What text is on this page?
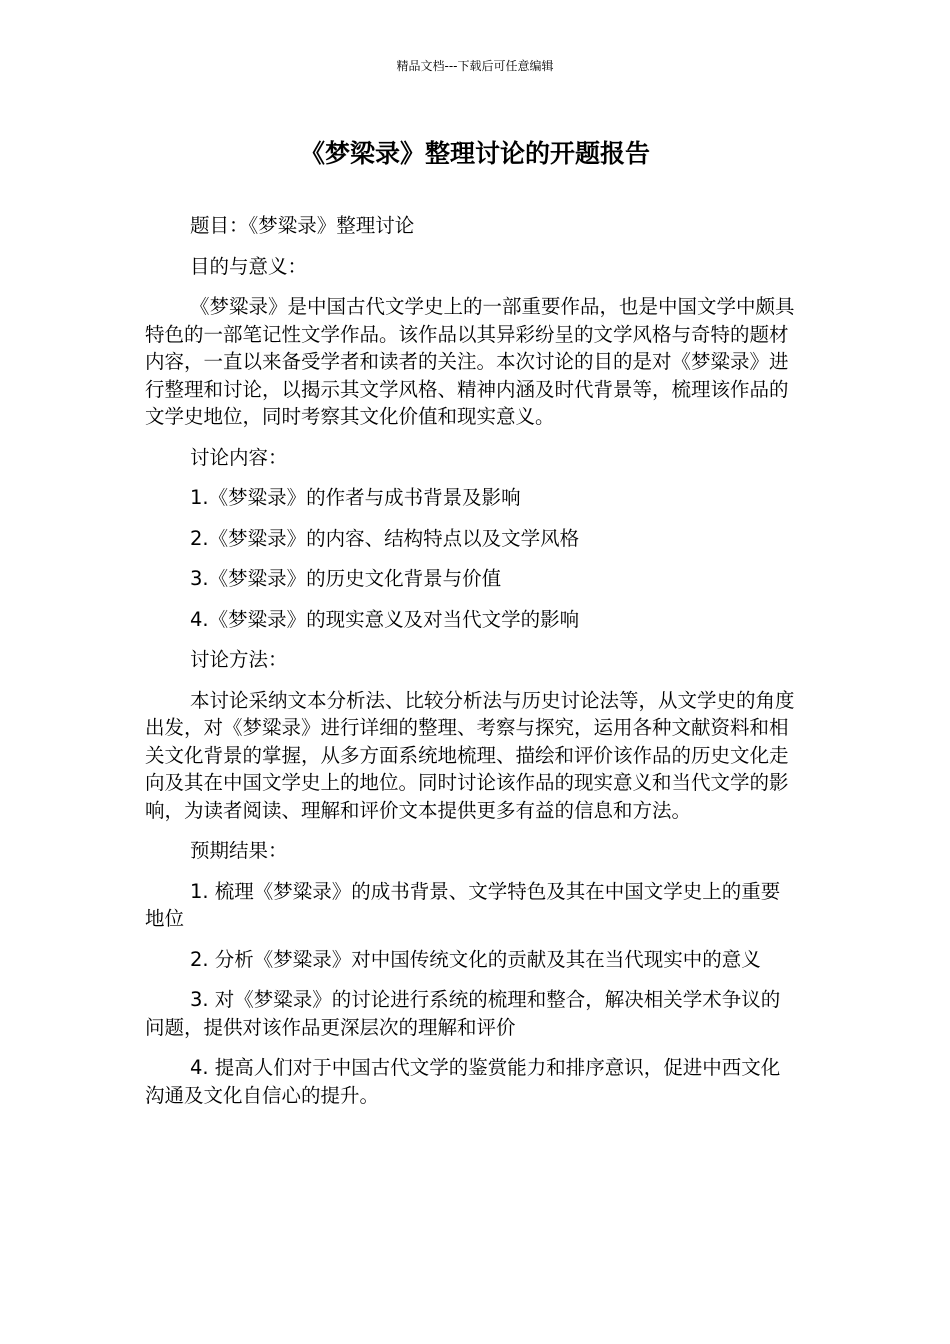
精品文档---下载后可任意编辑
《梦梁录》整理讨论的开题报告

题目：《梦粱录》整理讨论

目的与意义：

《梦粱录》是中国古代文学史上的一部重要作品，也是中国文学中颇具特色的一部笔记性文学作品。该作品以其异彩纷呈的文学风格与奇特的题材内容，一直以来备受学者和读者的关注。本次讨论的目的是对《梦粱录》进行整理和讨论，以揭示其文学风格、精神内涵及时代背景等，梳理该作品的文学史地位，同时考察其文化价值和现实意义。

讨论内容：

1.《梦粱录》的作者与成书背景及影响

2.《梦粱录》的内容、结构特点以及文学风格

3.《梦粱录》的历史文化背景与价值

4.《梦粱录》的现实意义及对当代文学的影响

讨论方法：

本讨论采纳文本分析法、比较分析法与历史讨论法等，从文学史的角度出发，对《梦粱录》进行详细的整理、考察与探究，运用各种文献资料和相关文化背景的掌握，从多方面系统地梳理、描绘和评价该作品的历史文化走向及其在中国文学史上的地位。同时讨论该作品的现实意义和当代文学的影响，为读者阅读、理解和评价文本提供更多有益的信息和方法。

预期结果：

1. 梳理《梦粱录》的成书背景、文学特色及其在中国文学史上的重要地位

2. 分析《梦粱录》对中国传统文化的贡献及其在当代现实中的意义

3. 对《梦粱录》的讨论进行系统的梳理和整合，解决相关学术争议的问题，提供对该作品更深层次的理解和评价

4. 提高人们对于中国古代文学的鉴赏能力和排序意识，促进中西文化沟通及文化自信心的提升。
